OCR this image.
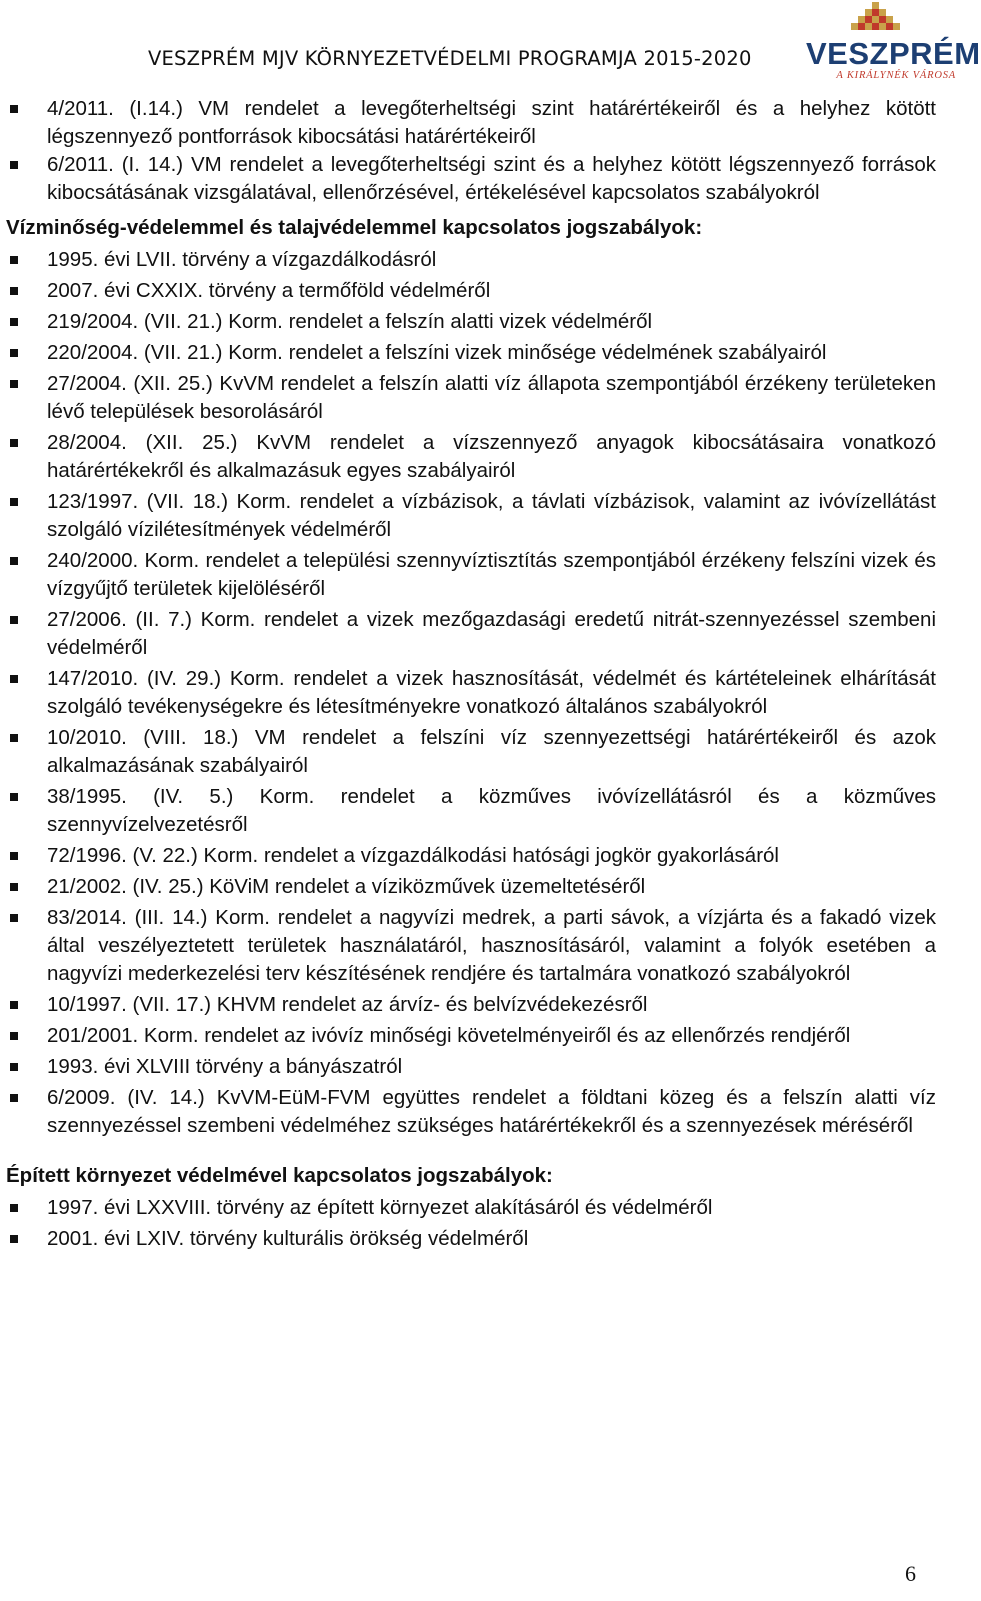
VESZPRÉM MJV KÖRNYEZETVÉDELMI PROGRAMJA 2015-2020 VESZPRÉM
A KIRÁLYNÉK VÁROSA
4/2011. (I.14.) VM rendelet a levegőterheltségi szint határértékeiről és a helyhez kötött légszennyező pontforrások kibocsátási határértékeiről
6/2011. (I. 14.) VM rendelet a levegőterheltségi szint és a helyhez kötött légszennyező források kibocsátásának vizsgálatával, ellenőrzésével, értékelésével kapcsolatos szabályokról

Vízminőség-védelemmel és talajvédelemmel kapcsolatos jogszabályok:

1995. évi LVII. törvény a vízgazdálkodásról
2007. évi CXXIX. törvény a termőföld védelméről
219/2004. (VII. 21.) Korm. rendelet a felszín alatti vizek védelméről
220/2004. (VII. 21.) Korm. rendelet a felszíni vizek minősége védelmének szabályairól
27/2004. (XII. 25.) KvVM rendelet a felszín alatti víz állapota szempontjából érzékeny területeken lévő települések besorolásáról
28/2004. (XII. 25.) KvVM rendelet a vízszennyező anyagok kibocsátásaira vonatkozó határértékekről és alkalmazásuk egyes szabályairól
123/1997. (VII. 18.) Korm. rendelet a vízbázisok, a távlati vízbázisok, valamint az ivóvízellátást szolgáló vízilétesítmények védelméről
240/2000. Korm. rendelet a települési szennyvíztisztítás szempontjából érzékeny felszíni vizek és vízgyűjtő területek kijelöléséről
27/2006. (II. 7.) Korm. rendelet a vizek mezőgazdasági eredetű nitrát-szennyezéssel szembeni védelméről
147/2010. (IV. 29.) Korm. rendelet a vizek hasznosítását, védelmét és kártételeinek elhárítását szolgáló tevékenységekre és létesítményekre vonatkozó általános szabályokról
10/2010. (VIII. 18.) VM rendelet a felszíni víz szennyezettségi határértékeiről és azok alkalmazásának szabályairól
38/1995. (IV. 5.) Korm. rendelet a közműves ivóvízellátásról és a közműves szennyvízelvezetésről
72/1996. (V. 22.) Korm. rendelet a vízgazdálkodási hatósági jogkör gyakorlásáról
21/2002. (IV. 25.) KöViM rendelet a víziközművek üzemeltetéséről
83/2014. (III. 14.) Korm. rendelet a nagyvízi medrek, a parti sávok, a vízjárta és a fakadó vizek által veszélyeztetett területek használatáról, hasznosításáról, valamint a folyók esetében a nagyvízi mederkezelési terv készítésének rendjére és tartalmára vonatkozó szabályokról
10/1997. (VII. 17.) KHVM rendelet az árvíz- és belvízvédekezésről
201/2001. Korm. rendelet az ivóvíz minőségi követelményeiről és az ellenőrzés rendjéről
1993. évi XLVIII törvény a bányászatról
6/2009. (IV. 14.) KvVM-EüM-FVM együttes rendelet a földtani közeg és a felszín alatti víz szennyezéssel szembeni védelméhez szükséges határértékekről és a szennyezések méréséről

Épített környezet védelmével kapcsolatos jogszabályok:

1997. évi LXXVIII. törvény az épített környezet alakításáról és védelméről
2001. évi LXIV. törvény kulturális örökség védelméről
6
